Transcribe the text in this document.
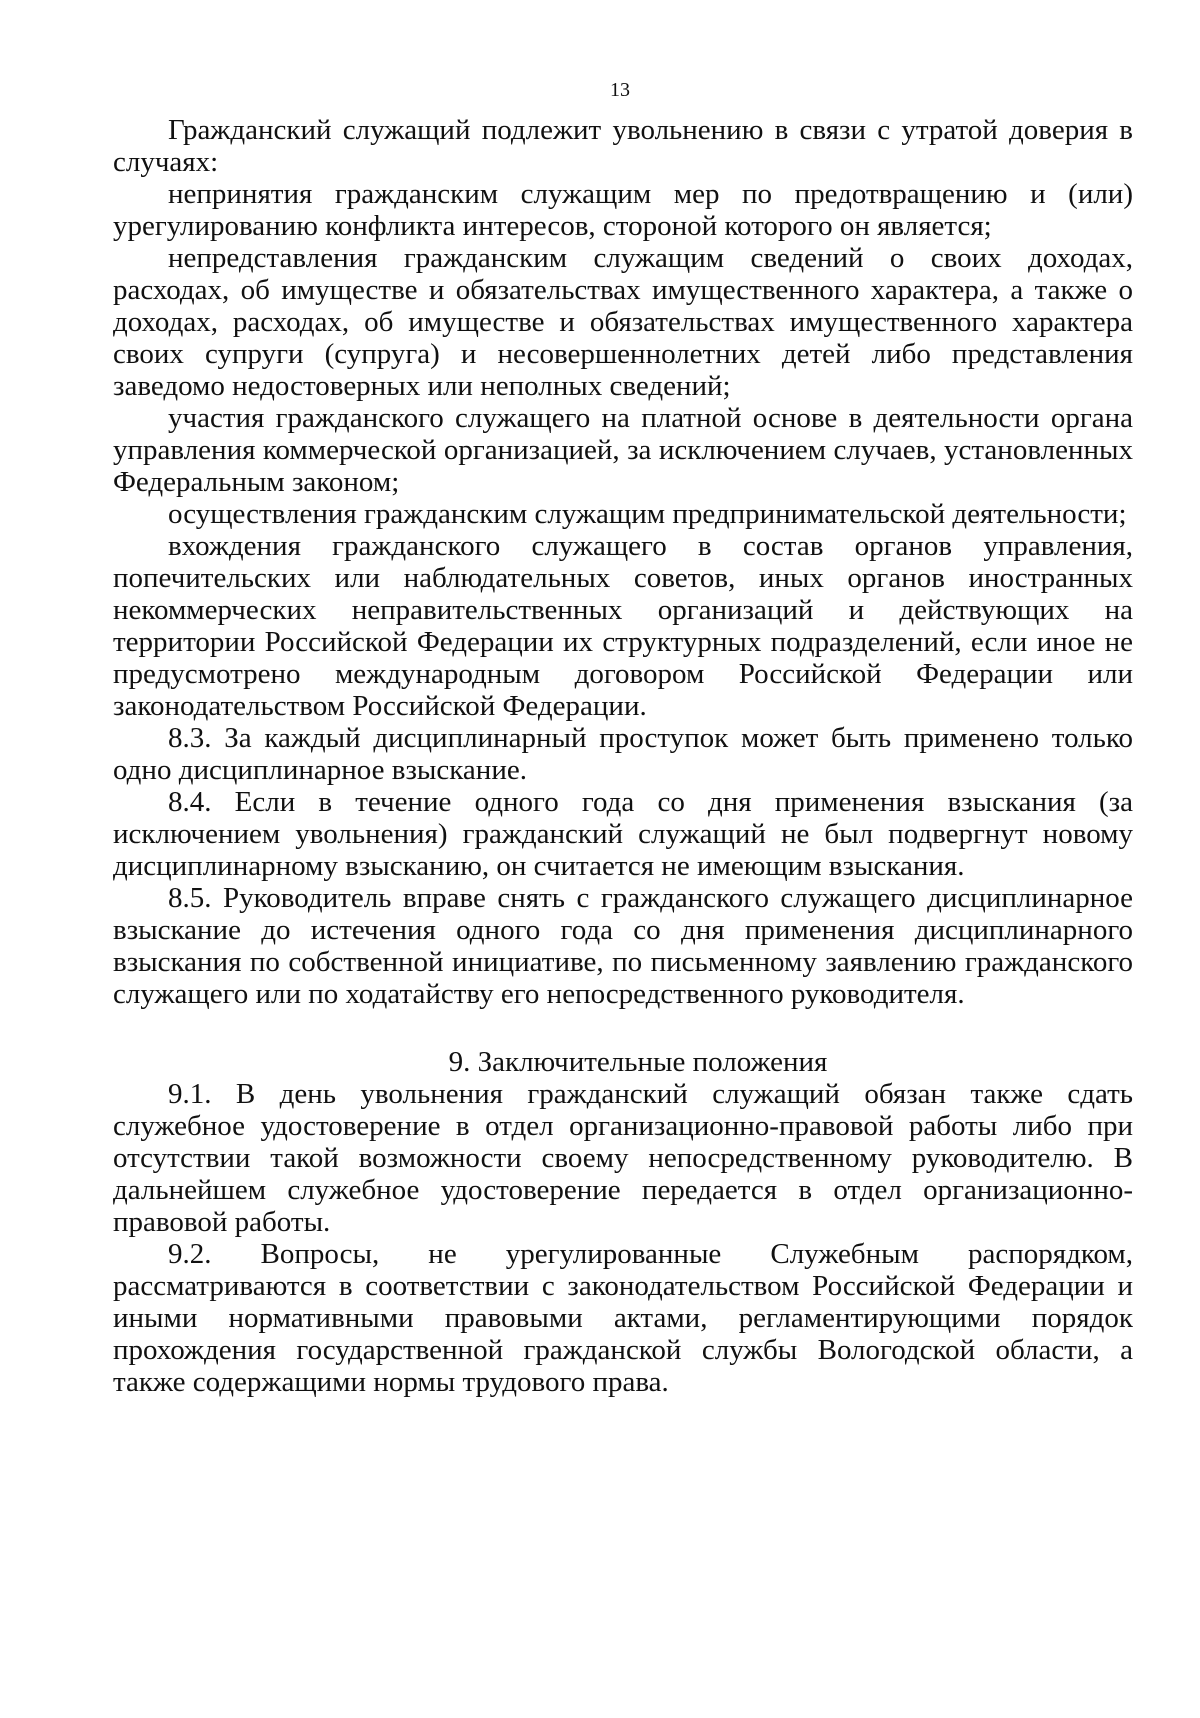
13

Гражданский служащий подлежит увольнению в связи с утратой доверия в случаях:

непринятия гражданским служащим мер по предотвращению и (или) урегулированию конфликта интересов, стороной которого он является;

непредставления гражданским служащим сведений о своих доходах, расходах, об имуществе и обязательствах имущественного характера, а также о доходах, расходах, об имуществе и обязательствах имущественного характера своих супруги (супруга) и несовершеннолетних детей либо представления заведомо недостоверных или неполных сведений;

участия гражданского служащего на платной основе в деятельности органа управления коммерческой организацией, за исключением случаев, установленных Федеральным законом;

осуществления гражданским служащим предпринимательской деятельности;

вхождения гражданского служащего в состав органов управления, попечительских или наблюдательных советов, иных органов иностранных некоммерческих неправительственных организаций и действующих на территории Российской Федерации их структурных подразделений, если иное не предусмотрено международным договором Российской Федерации или законодательством Российской Федерации.

8.3. За каждый дисциплинарный проступок может быть применено только одно дисциплинарное взыскание.

8.4. Если в течение одного года со дня применения взыскания (за исключением увольнения) гражданский служащий не был подвергнут новому дисциплинарному взысканию, он считается не имеющим взыскания.

8.5. Руководитель вправе снять с гражданского служащего дисциплинарное взыскание до истечения одного года со дня применения дисциплинарного взыскания по собственной инициативе, по письменному заявлению гражданского служащего или по ходатайству его непосредственного руководителя.

9. Заключительные положения

9.1. В день увольнения гражданский служащий обязан также сдать служебное удостоверение в отдел организационно-правовой работы либо при отсутствии такой возможности своему непосредственному руководителю. В дальнейшем служебное удостоверение передается в отдел организационно-правовой работы.

9.2. Вопросы, не урегулированные Служебным распорядком, рассматриваются в соответствии с законодательством Российской Федерации и иными нормативными правовыми актами, регламентирующими порядок прохождения государственной гражданской службы Вологодской области, а также содержащими нормы трудового права.
